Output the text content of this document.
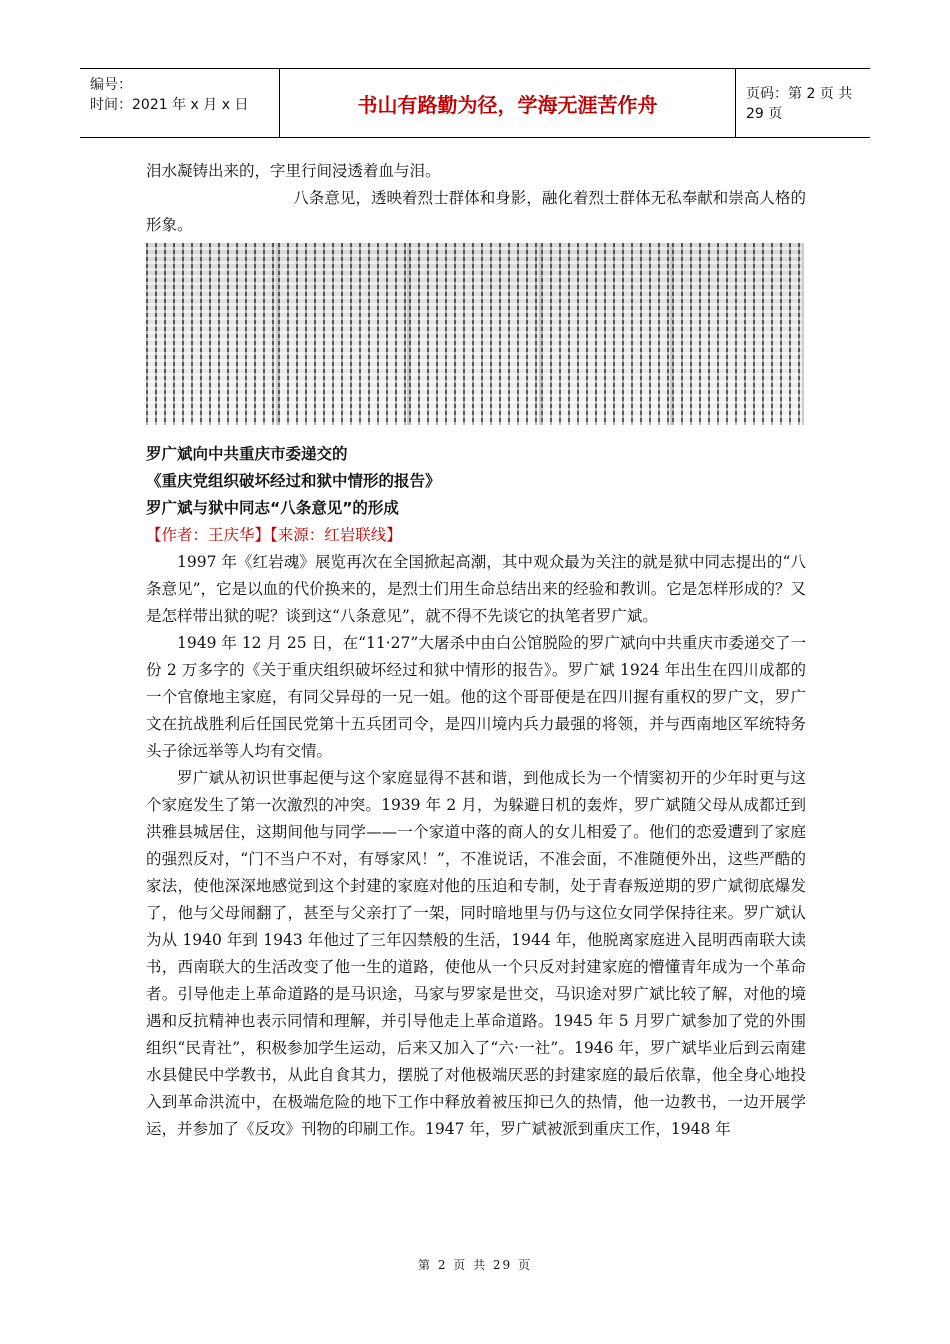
编号：
时间：2021 年 x 月 x 日	书山有路勤为径，学海无涯苦作舟	页码：第 2 页 共 29 页

泪水凝铸出来的，字里行间浸透着血与泪。

八条意见，透映着烈士群体和身影，融化着烈士群体无私奉献和崇高人格的形象。

罗广斌向中共重庆市委递交的
《重庆党组织破坏经过和狱中情形的报告》
罗广斌与狱中同志“八条意见”的形成

【作者：王庆华】【来源：红岩联线】

1997 年《红岩魂》展览再次在全国掀起高潮，其中观众最为关注的就是狱中同志提出的“八条意见”，它是以血的代价换来的，是烈士们用生命总结出来的经验和教训。它是怎样形成的？又是怎样带出狱的呢？谈到这“八条意见”，就不得不先谈它的执笔者罗广斌。

1949 年 12 月 25 日，在“11·27”大屠杀中由白公馆脱险的罗广斌向中共重庆市委递交了一份 2 万多字的《关于重庆组织破坏经过和狱中情形的报告》。罗广斌 1924 年出生在四川成都的一个官僚地主家庭，有同父异母的一兄一姐。他的这个哥哥便是在四川握有重权的罗广文，罗广文在抗战胜利后任国民党第十五兵团司令，是四川境内兵力最强的将领，并与西南地区军统特务头子徐远举等人均有交情。

罗广斌从初识世事起便与这个家庭显得不甚和谐，到他成长为一个情窦初开的少年时更与这个家庭发生了第一次激烈的冲突。1939 年 2 月，为躲避日机的轰炸，罗广斌随父母从成都迁到洪雅县城居住，这期间他与同学——一个家道中落的商人的女儿相爱了。他们的恋爱遭到了家庭的强烈反对，“门不当户不对，有辱家风！”，不准说话，不准会面，不准随便外出，这些严酷的家法，使他深深地感觉到这个封建的家庭对他的压迫和专制，处于青春叛逆期的罗广斌彻底爆发了，他与父母闹翻了，甚至与父亲打了一架，同时暗地里与仍与这位女同学保持往来。罗广斌认为从 1940 年到 1943 年他过了三年囚禁般的生活，1944 年，他脱离家庭进入昆明西南联大读书，西南联大的生活改变了他一生的道路，使他从一个只反对封建家庭的懵懂青年成为一个革命者。引导他走上革命道路的是马识途，马家与罗家是世交，马识途对罗广斌比较了解，对他的境遇和反抗精神也表示同情和理解，并引导他走上革命道路。1945 年 5 月罗广斌参加了党的外围组织“民青社”，积极参加学生运动，后来又加入了“六·一社”。1946 年，罗广斌毕业后到云南建水县健民中学教书，从此自食其力，摆脱了对他极端厌恶的封建家庭的最后依靠，他全身心地投入到革命洪流中，在极端危险的地下工作中释放着被压抑已久的热情，他一边教书，一边开展学运，并参加了《反攻》刊物的印刷工作。1947 年，罗广斌被派到重庆工作，1948 年

第 2 页 共 29 页
